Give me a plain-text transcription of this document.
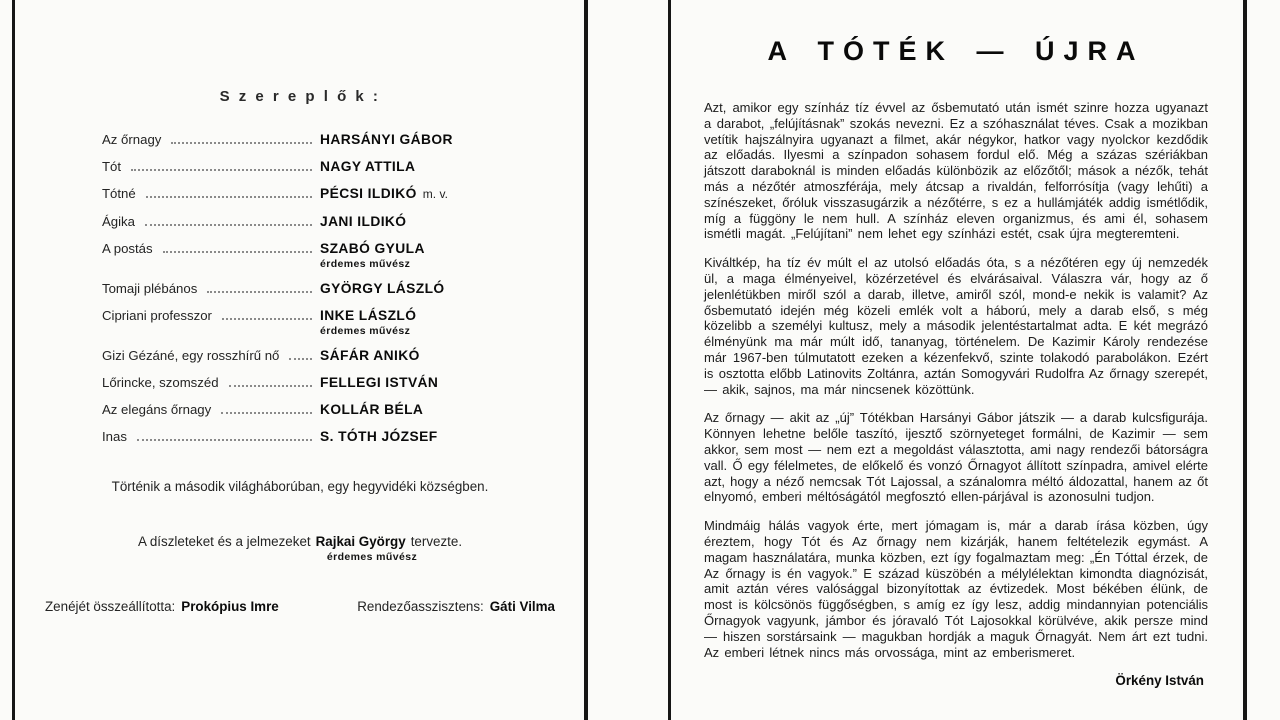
S z e r e p l ő k :
Az őrnagy	HARSÁNYI GÁBOR
Tót	NAGY ATTILA
Tótné	PÉCSI ILDIKÓ m. v.
Ágika	JANI ILDIKÓ
A postás	SZABÓ GYULA
érdemes művész
Tomaji plébános	GYÖRGY LÁSZLÓ
Cipriani professzor	INKE LÁSZLÓ
érdemes művész
Gizi Gézáné, egy rosszhírű nő	SÁFÁR ANIKÓ
Lőrincke, szomszéd	FELLEGI ISTVÁN
Az elegáns őrnagy	KOLLÁR BÉLA
Inas	S. TÓTH JÓZSEF
Történik a második világháborúban, egy hegyvidéki községben.
A díszleteket és a jelmezeket Rajkai György tervezte.
érdemes művész
Zenéjét összeállította: Prokópius Imre	Rendezőasszisztens: Gáti Vilma
A TÓTÉK — ÚJRA

Azt, amikor egy színház tíz évvel az ősbemutató után ismét szinre hozza ugyanazt a darabot, „felújításnak” szokás nevezni. Ez a szóhasználat téves. Csak a mozikban vetítik hajszálnyira ugyanazt a filmet, akár négykor, hatkor vagy nyolckor kezdődik az előadás. Ilyesmi a színpadon sohasem fordul elő. Még a százas szériákban játszott daraboknál is minden előadás különbözik az előzőtől; mások a nézők, tehát más a nézőtér atmoszférája, mely átcsap a rivaldán, felforrósítja (vagy lehűti) a színészeket, őróluk visszasugárzik a nézőtérre, s ez a hullámjáték addig ismétlődik, míg a függöny le nem hull. A színház eleven organizmus, és ami él, sohasem ismétli magát. „Felújítani” nem lehet egy színházi estét, csak újra megteremteni.

Kiváltkép, ha tíz év múlt el az utolsó előadás óta, s a nézőtéren egy új nemzedék ül, a maga élményeivel, közérzetével és elvárásaival. Válaszra vár, hogy az ő jelenlétükben miről szól a darab, illetve, amiről szól, mond-e nekik is valamit? Az ősbemutató idején még közeli emlék volt a háború, mely a darab első, s még közelibb a személyi kultusz, mely a második jelentéstartalmat adta. E két megrázó élményünk ma már múlt idő, tananyag, történelem. De Kazimir Károly rendezése már 1967-ben túlmutatott ezeken a kézenfekvő, szinte tolakodó parabolákon. Ezért is osztotta előbb Latinovits Zoltánra, aztán Somogyvári Rudolfra Az őrnagy szerepét, — akik, sajnos, ma már nincsenek közöttünk.

Az őrnagy — akit az „új” Tótékban Harsányi Gábor játszik — a darab kulcsfigurája. Könnyen lehetne belőle taszító, ijesztő szörnyeteget formálni, de Kazimir — sem akkor, sem most — nem ezt a megoldást választotta, ami nagy rendezői bátorságra vall. Ő egy félelmetes, de előkelő és vonzó Őrnagyot állított színpadra, amivel elérte azt, hogy a néző nemcsak Tót Lajossal, a szánalomra méltó áldozattal, hanem az őt elnyomó, emberi méltóságától megfosztó ellen-párjával is azonosulni tudjon.

Mindmáig hálás vagyok érte, mert jómagam is, már a darab írása közben, úgy éreztem, hogy Tót és Az őrnagy nem kizárják, hanem feltételezik egymást. A magam használatára, munka közben, ezt így fogalmaztam meg: „Én Tóttal érzek, de Az őrnagy is én vagyok.” E század küszöbén a mélylélektan kimondta diagnózisát, amit aztán véres valósággal bizonyítottak az évtizedek. Most békében élünk, de most is kölcsönös függőségben, s amíg ez így lesz, addig mindannyian potenciális Őrnagyok vagyunk, jámbor és jóravaló Tót Lajosokkal körülvéve, akik persze mind — hiszen sorstársaink — magukban hordják a maguk Őrnagyát. Nem árt ezt tudni. Az emberi létnek nincs más orvossága, mint az emberismeret.

Örkény István
